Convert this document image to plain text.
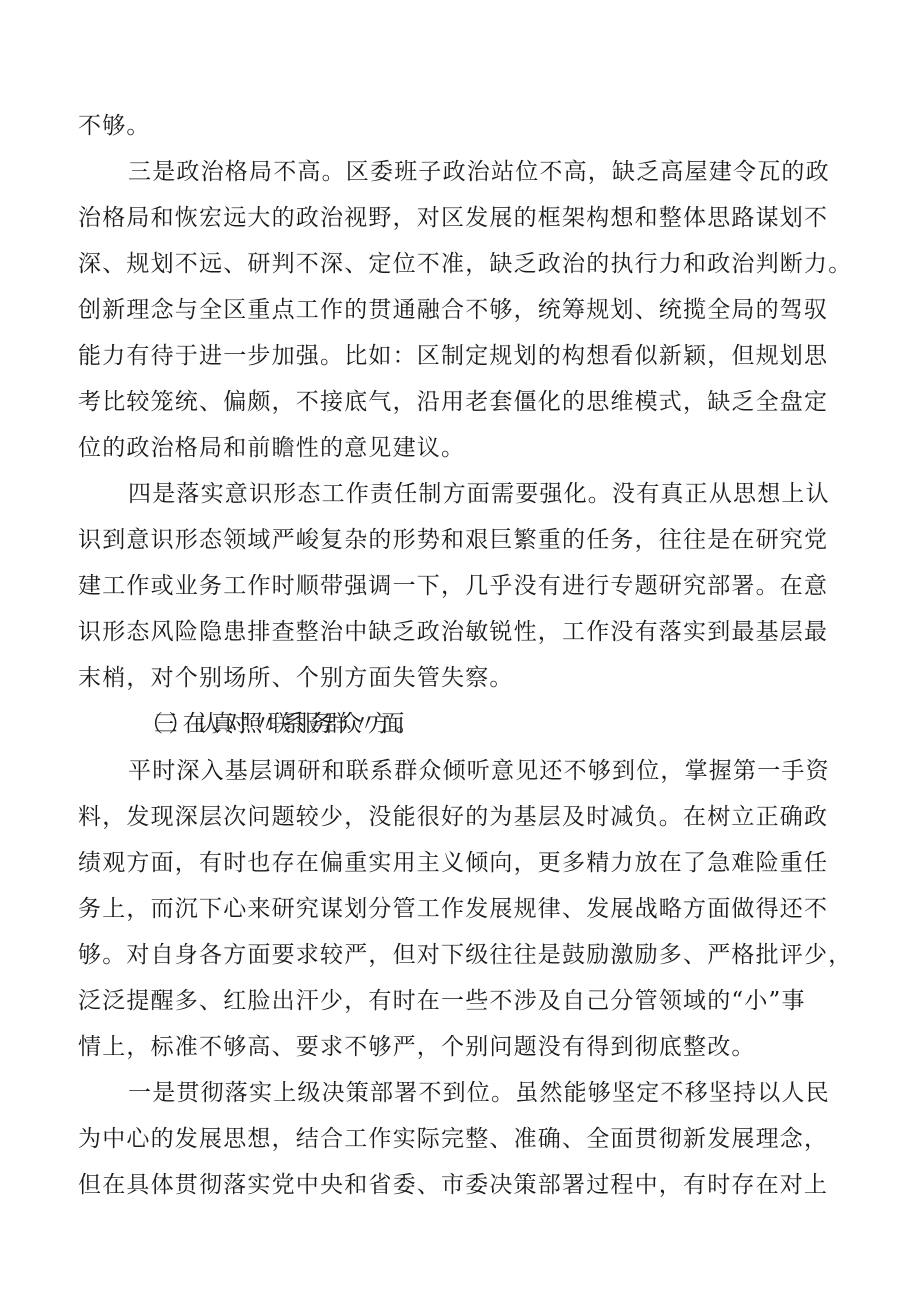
不够。

三是政治格局不高。区委班子政治站位不高，缺乏高屋建令瓦的政

治格局和恢宏远大的政治视野，对区发展的框架构想和整体思路谋划不

深、规划不远、研判不深、定位不准，缺乏政治的执行力和政治判断力。

创新理念与全区重点工作的贯通融合不够，统筹规划、统揽全局的驾驭

能力有待于进一步加强。比如：区制定规划的构想看似新颖，但规划思

考比较笼统、偏颇，不接底气，沿用老套僵化的思维模式，缺乏全盘定

位的政治格局和前瞻性的意见建议。

四是落实意识形态工作责任制方面需要强化。没有真正从思想上认

识到意识形态领域严峻复杂的形势和艰巨繁重的任务，往往是在研究党

建工作或业务工作时顺带强调一下，几乎没有进行专题研究部署。在意

识形态风险隐患排查整治中缺乏政治敏锐性，工作没有落实到最基层最

末梢，对个别场所、个别方面失管失察。

（三）在认真对照〃联系服务群众〃方面。

平时深入基层调研和联系群众倾听意见还不够到位，掌握第一手资

料，发现深层次问题较少，没能很好的为基层及时减负。在树立正确政

绩观方面，有时也存在偏重实用主义倾向，更多精力放在了急难险重任

务上，而沉下心来研究谋划分管工作发展规律、发展战略方面做得还不

够。对自身各方面要求较严，但对下级往往是鼓励激励多、严格批评少，

泛泛提醒多、红脸出汗少，有时在一些不涉及自己分管领域的“小”事

情上，标准不够高、要求不够严，个别问题没有得到彻底整改。

一是贯彻落实上级决策部署不到位。虽然能够坚定不移坚持以人民

为中心的发展思想，结合工作实际完整、准确、全面贯彻新发展理念，

但在具体贯彻落实党中央和省委、市委决策部署过程中，有时存在对上
